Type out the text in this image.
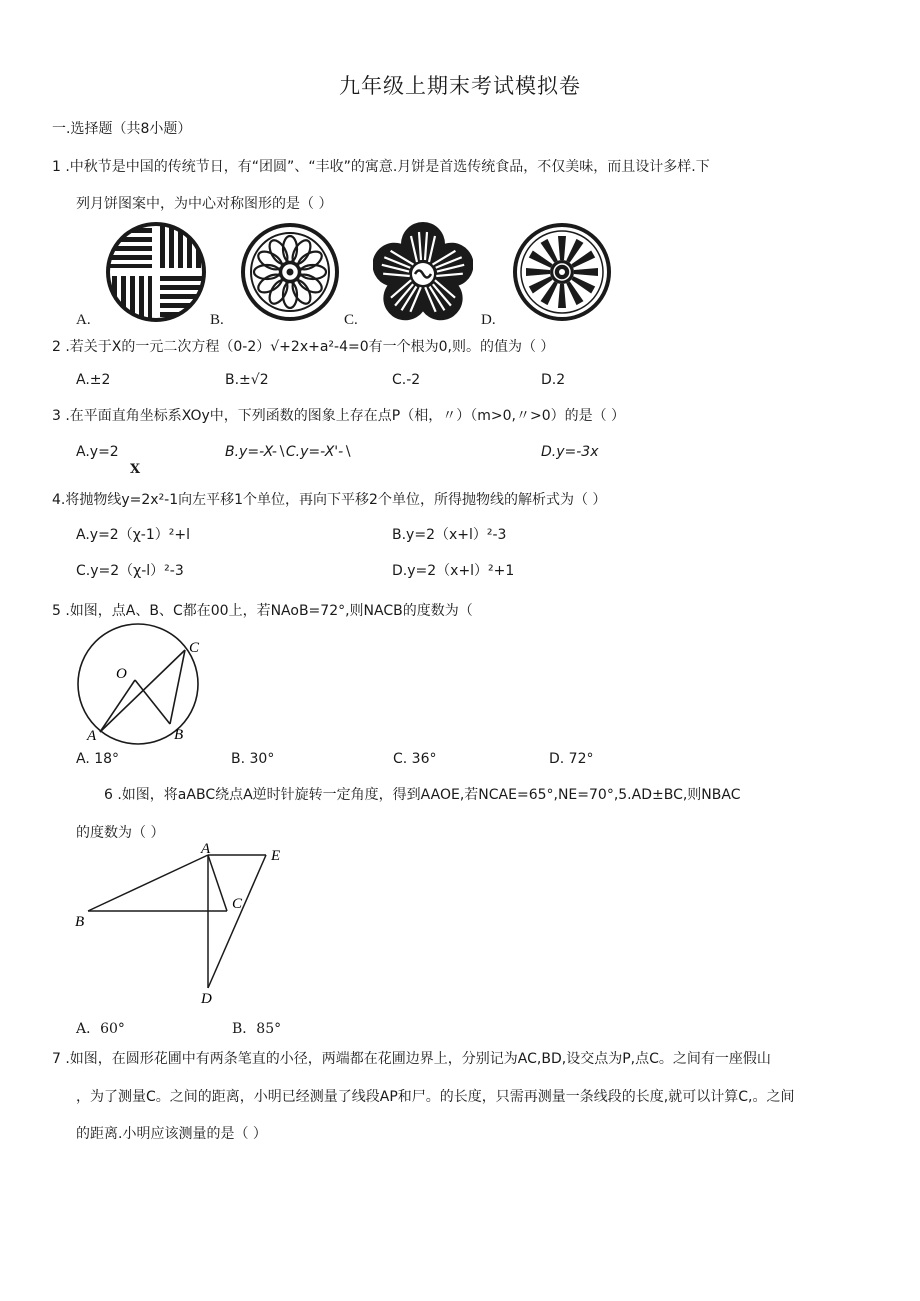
九年级上期末考试模拟卷
一.选择题（共8小题）
1 .中秋节是中国的传统节日，有“团圆”、“丰收”的寓意.月饼是首选传统食品，不仅美味，而且设计多样.下
列月饼图案中，为中心对称图形的是（ ）
A.	B.	C.	D.
2 .若关于X的一元二次方程（0-2）√+2x+a²-4=0有一个根为0,则。的值为（ ）
A.±2	B.±√2	C.-2	D.2
3 .在平面直角坐标系XOy中，下列函数的图象上存在点P（相，〃）（m>0,〃>0）的是（ ）
A.y=2
X
B.y=-X-∖C.y=-X'-∖	D.y=-3x
4.将抛物线y=2x²-1向左平移1个单位，再向下平移2个单位，所得抛物线的解析式为（ ）
A.y=2（χ-1）²+l	B.y=2（x+l）²-3
C.y=2（χ-l）²-3	D.y=2（x+l）²+1
5 .如图，点A、B、C都在00上，若NAoB=72°,则NACB的度数为（
O
A	B
C
A. 18°	B. 30°	C. 36°	D. 72°
6 .如图，将aABC绕点A逆时针旋转一定角度，得到AAOE,若NCAE=65°,NE=70°,5.AD±BC,则NBAC
的度数为（ ）
A
B
C
D
E
A．60°	B．85°
7 .如图，在圆形花圃中有两条笔直的小径，两端都在花圃边界上，分别记为AC,BD,设交点为P,点C。之间有一座假山
，为了测量C。之间的距离，小明已经测量了线段AP和尸。的长度，只需再测量一条线段的长度,就可以计算C,。之间
的距离.小明应该测量的是（ ）
